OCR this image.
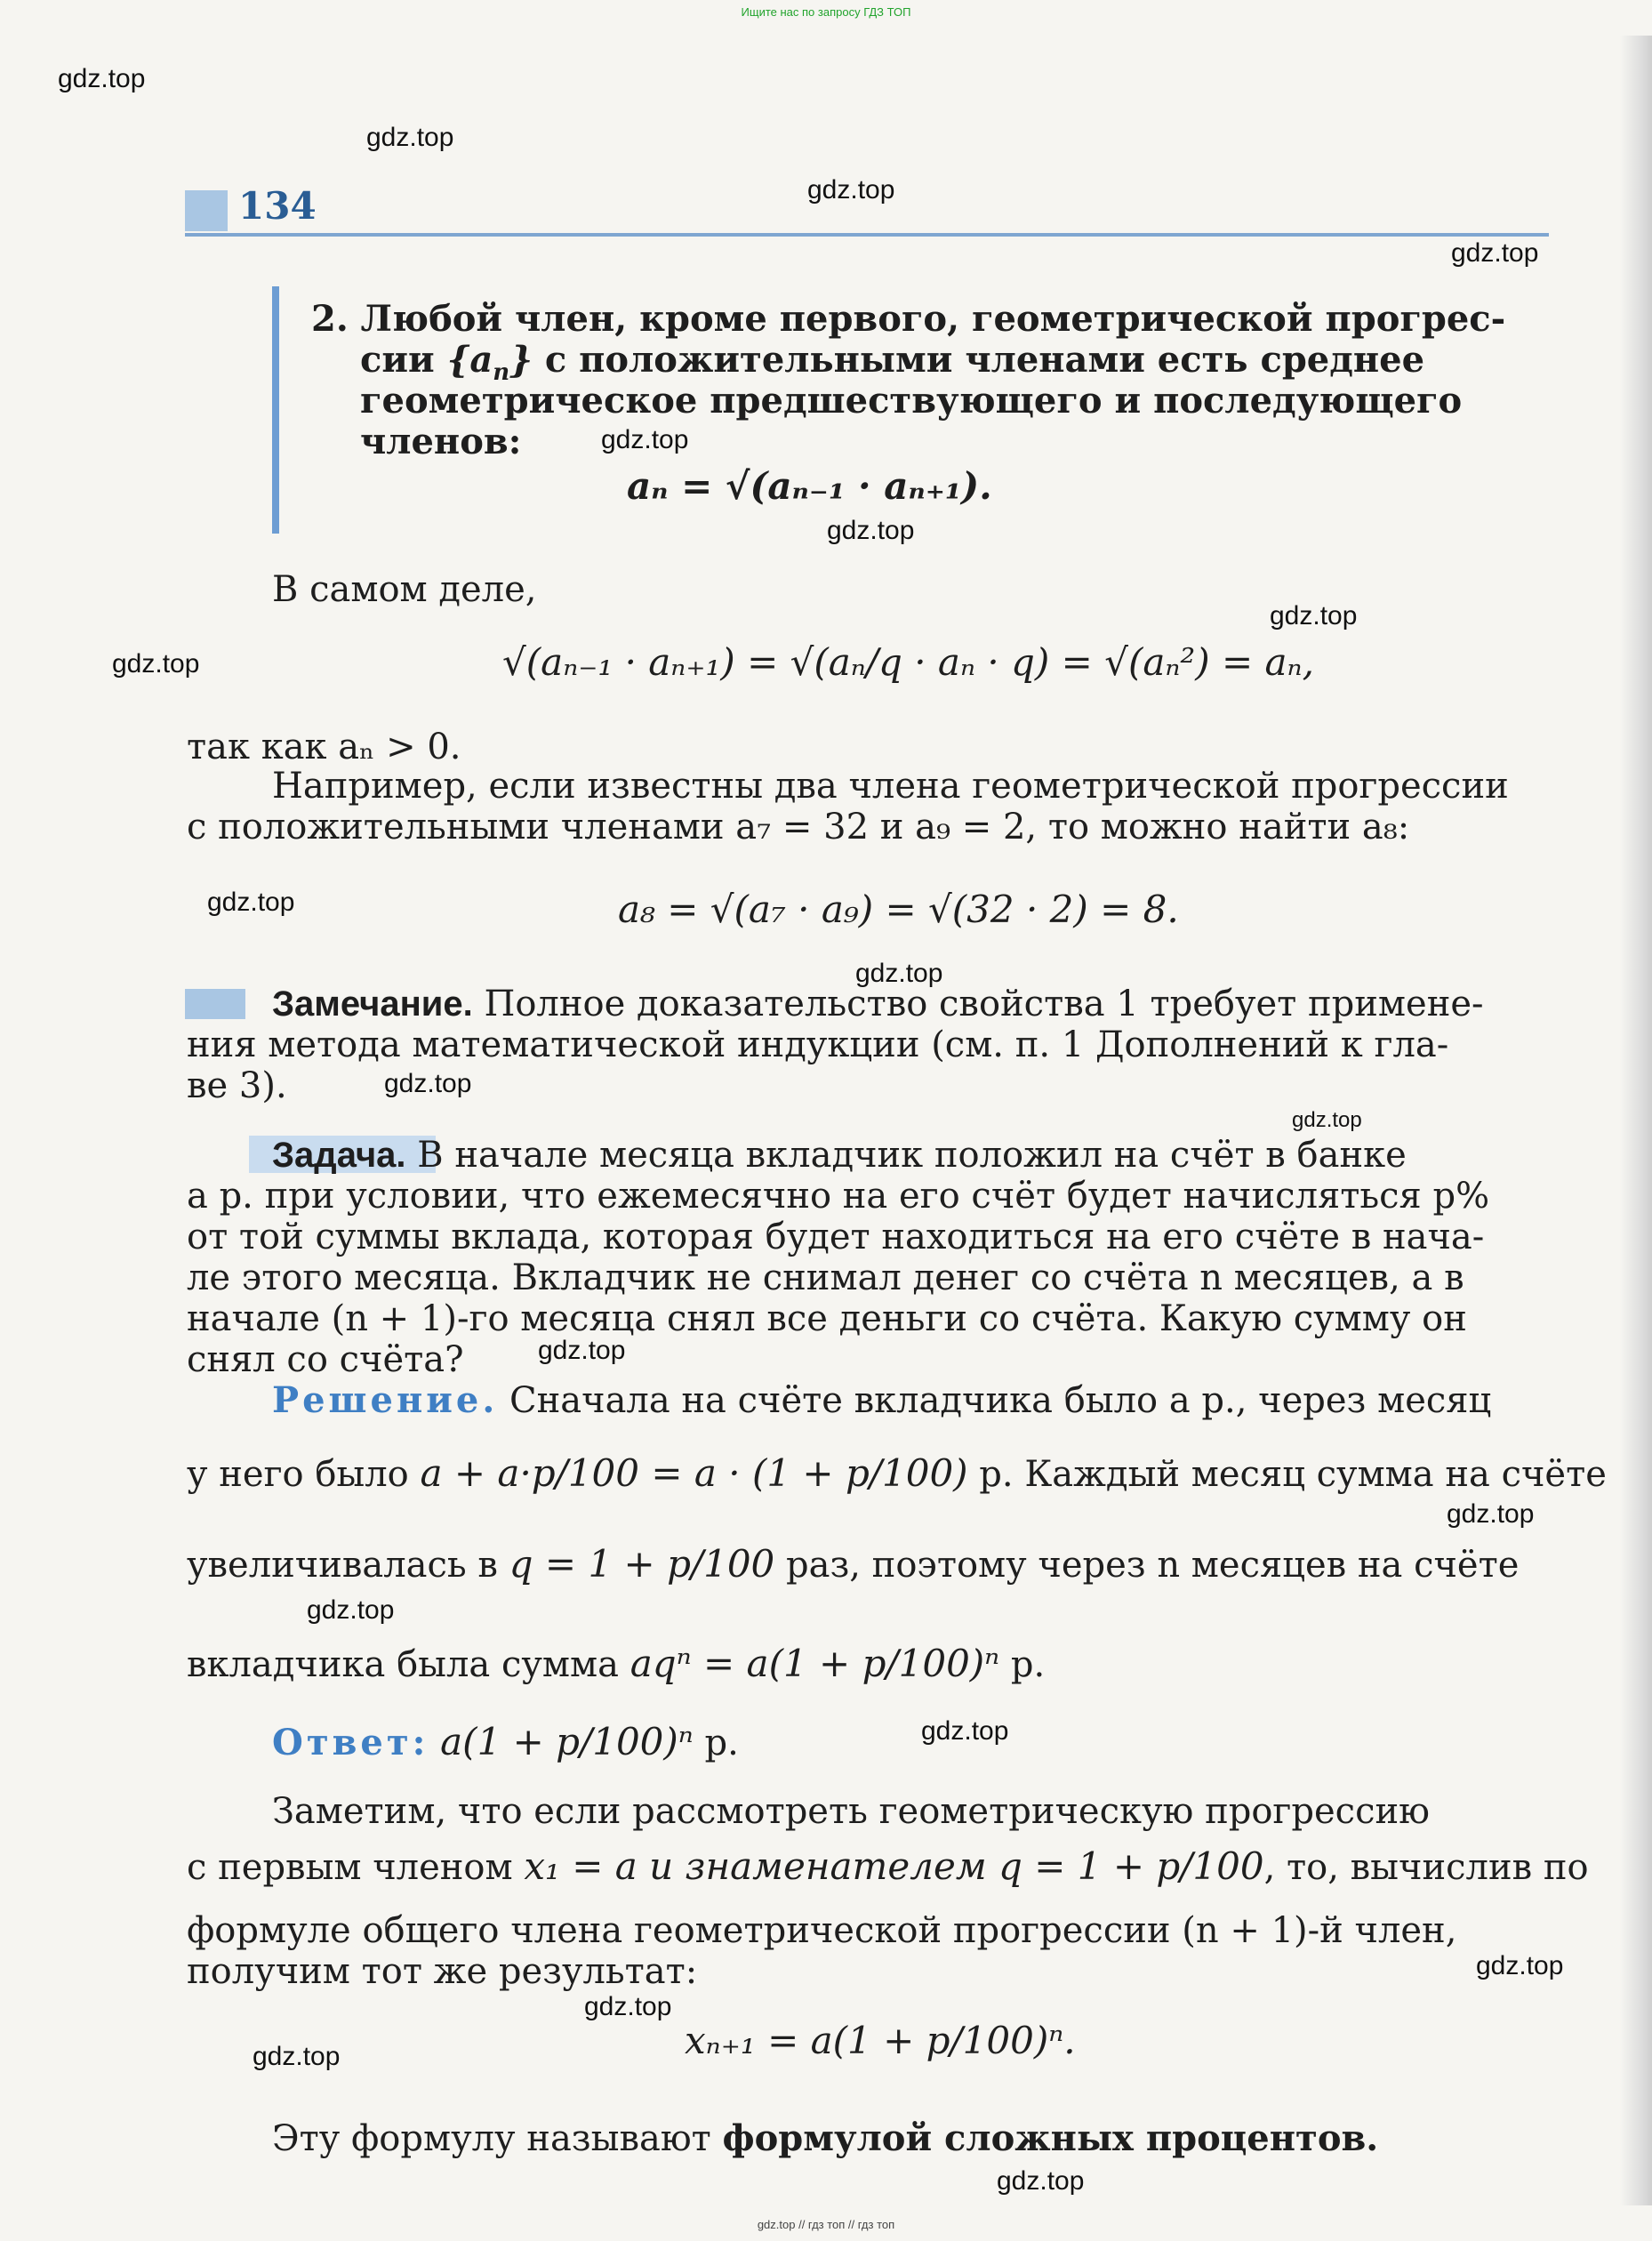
Ищите нас по запросу ГДЗ ТОП
gdz.top // гдз топ // гдз топ
134
2. Любой член, кроме первого, геометрической прогрес-
сии $\{a_n\}$ с положительными членами есть среднее
геометрическое предшествующего и последующего
членов:
aₙ = √(aₙ₋₁ · aₙ₊₁).
В самом деле,
√(aₙ₋₁ · aₙ₊₁) = √(aₙ/q · aₙ · q) = √(aₙ²) = aₙ,
так как aₙ > 0.
Например, если известны два члена геометрической прогрессии
с положительными членами a₇ = 32 и a₉ = 2, то можно найти a₈:
a₈ = √(a₇ · a₉) = √(32 · 2) = 8.
Замечание. Полное доказательство свойства 1 требует примене-
ния метода математической индукции (см. п. 1 Дополнений к гла-
ве 3).
Задача. В начале месяца вкладчик положил на счёт в банке
a р. при условии, что ежемесячно на его счёт будет начисляться p%
от той суммы вклада, которая будет находиться на его счёте в нача-
ле этого месяца. Вкладчик не снимал денег со счёта n месяцев, а в
начале (n + 1)-го месяца снял все деньги со счёта. Какую сумму он
снял со счёта?
Решение. Сначала на счёте вкладчика было a р., через месяц
у него было a + a·p/100 = a · (1 + p/100) р. Каждый месяц сумма на счёте
увеличивалась в q = 1 + p/100 раз, поэтому через n месяцев на счёте
вкладчика была сумма aqⁿ = a(1 + p/100)ⁿ р.
Ответ: a(1 + p/100)ⁿ р.
Заметим, что если рассмотреть геометрическую прогрессию
с первым членом x₁ = a и знаменателем q = 1 + p/100, то, вычислив по
формуле общего члена геометрической прогрессии (n + 1)-й член,
получим тот же результат:
xₙ₊₁ = a(1 + p/100)ⁿ.
Эту формулу называют формулой сложных процентов.
gdz.top
gdz.top
gdz.top
gdz.top
gdz.top
gdz.top
gdz.top
gdz.top
gdz.top
gdz.top
gdz.top
gdz.top
gdz.top
gdz.top
gdz.top
gdz.top
gdz.top
gdz.top
gdz.top
gdz.top
